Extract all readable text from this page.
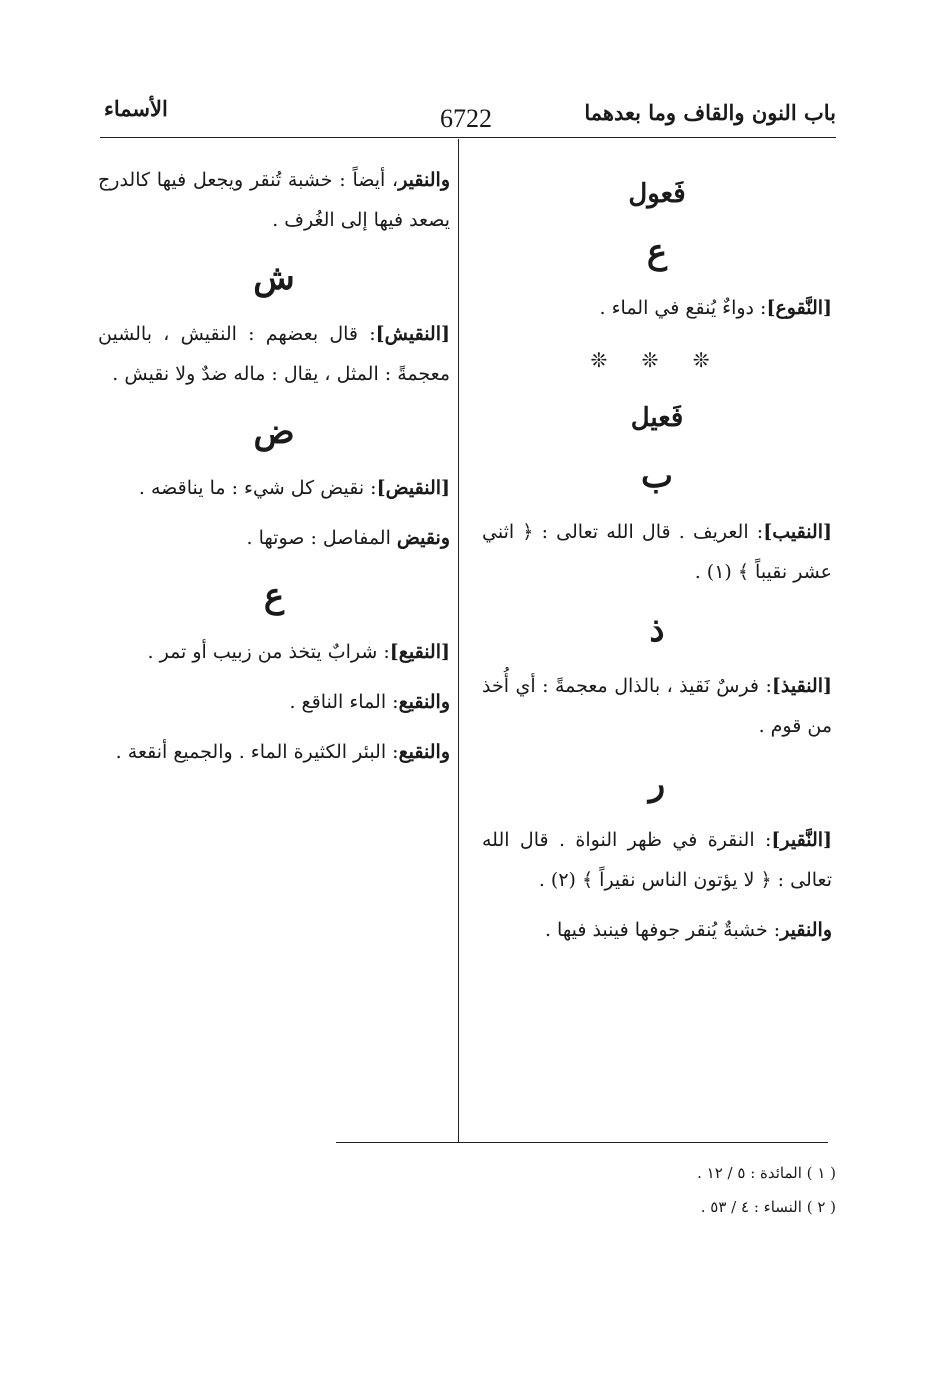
باب النون والقاف وما بعدهما
6722
الأسماء
فَعول
ع

[النَّقوع]: دواءٌ يُنقع في الماء .

❊ ❊ ❊
فَعيل
ب

[النقيب]: العريف . قال الله تعالى : ﴿ اثني عشر نقيباً ﴾ (١) .

ذ

[النقيذ]: فرسٌ نَقيذ ، بالذال معجمةً : أي أُخذ من قوم .

ر

[النَّقير]: النقرة في ظهر النواة . قال الله تعالى : ﴿ لا يؤتون الناس نقيراً ﴾ (٢) .

والنقير: خشبةٌ يُنقر جوفها فينبذ فيها .

والنقير، أيضاً : خشبة تُنقر ويجعل فيها كالدرج يصعد فيها إلى الغُرف .

ش

[النقيش]: قال بعضهم : النقيش ، بالشين معجمةً : المثل ، يقال : ماله ضدٌ ولا نقيش .

ض

[النقيض]: نقيض كل شيء : ما يناقضه .

ونقيض المفاصل : صوتها .

ع

[النقيع]: شرابٌ يتخذ من زبيب أو تمر .

والنقيع: الماء الناقع .

والنقيع: البئر الكثيرة الماء . والجميع أنقعة .

( ١ ) المائدة : ٥ / ١٢ .
( ٢ ) النساء : ٤ / ٥٣ .
